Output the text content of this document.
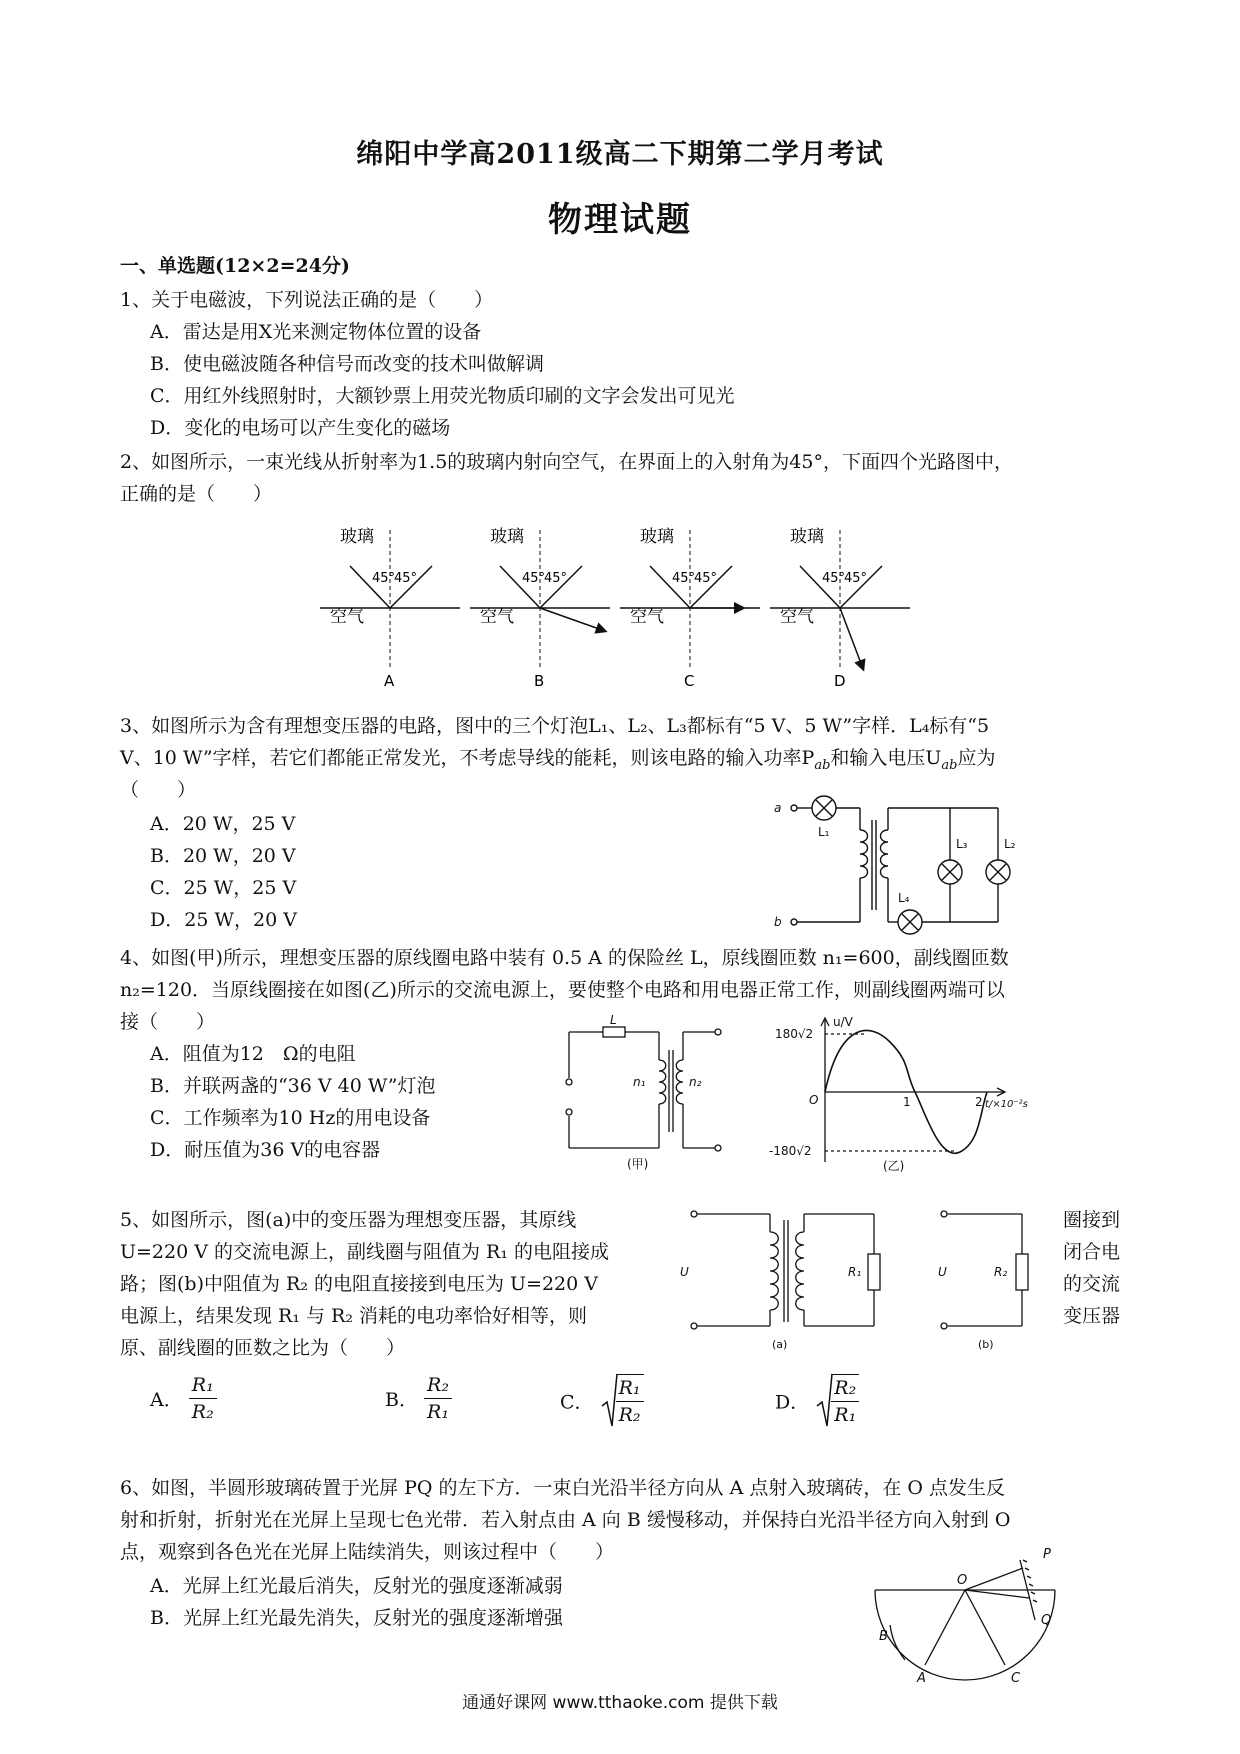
绵阳中学高2011级高二下期第二学月考试
物理试题
一、单选题(12×2=24分)
1、关于电磁波，下列说法正确的是（　　）
A．雷达是用X光来测定物体位置的设备
B．使电磁波随各种信号而改变的技术叫做解调
C．用红外线照射时，大额钞票上用荧光物质印刷的文字会发出可见光
D．变化的电场可以产生变化的磁场
2、如图所示，一束光线从折射率为1.5的玻璃内射向空气，在界面上的入射角为45°，下面四个光路图中，
正确的是（　　）
玻璃
空气
45°
45°
A
玻璃
空气
45°
45°
B
玻璃
空气
45°
45°
C
玻璃
空气
45°
45°
D
3、如图所示为含有理想变压器的电路，图中的三个灯泡L₁、L₂、L₃都标有“5 V、5 W”字样．L₄标有“5
V、10 W”字样，若它们都能正常发光，不考虑导线的能耗，则该电路的输入功率$P_{ab}$和输入电压$U_{ab}$应为
（　　）
A．20 W，25 V
B．20 W，20 V
C．25 W，25 V
D．25 W，20 V
a
b
L₁
L₃	L₂
L₄
4、如图(甲)所示，理想变压器的原线圈电路中装有 0.5 A 的保险丝 L，原线圈匝数 n₁=600，副线圈匝数
n₂=120．当原线圈接在如图(乙)所示的交流电源上，要使整个电路和用电器正常工作，则副线圈两端可以
接（　　）
A．阻值为12　Ω的电阻
B．并联两盏的“36 V 40 W”灯泡
C．工作频率为10 Hz的用电设备
D．耐压值为36 V的电容器
L
n₁	n₂
(甲)
u/V
180√2
-180√2
O	1	2 t/×10⁻²s
(乙)
5、如图所示，图(a)中的变压器为理想变压器，其原线	圈接到
U=220 V 的交流电源上，副线圈与阻值为 R₁ 的电阻接成	闭合电
路；图(b)中阻值为 R₂ 的电阻直接接到电压为 U=220 V	的交流
电源上，结果发现 R₁ 与 R₂ 消耗的电功率恰好相等，则	变压器
原、副线圈的匝数之比为（　　）
U	R₁	U	R₂
(a)	(b)
A． $\frac{\text{R₁}}{\text{R₂}}$	B． $\frac{\text{R₂}}{\text{R₁}}$	C． $\frac{\text{R₁}}{\text{R₂}}$	D． $\frac{\text{R₂}}{\text{R₁}}$
6、如图，半圆形玻璃砖置于光屏 PQ 的左下方．一束白光沿半径方向从 A 点射入玻璃砖，在 O 点发生反
射和折射，折射光在光屏上呈现七色光带．若入射点由 A 向 B 缓慢移动，并保持白光沿半径方向入射到 O
点，观察到各色光在光屏上陆续消失，则该过程中（　　）
A．光屏上红光最后消失，反射光的强度逐渐减弱
B．光屏上红光最先消失，反射光的强度逐渐增强
P
Q
O
A
B
C
通通好课网 www.tthaoke.com 提供下载
